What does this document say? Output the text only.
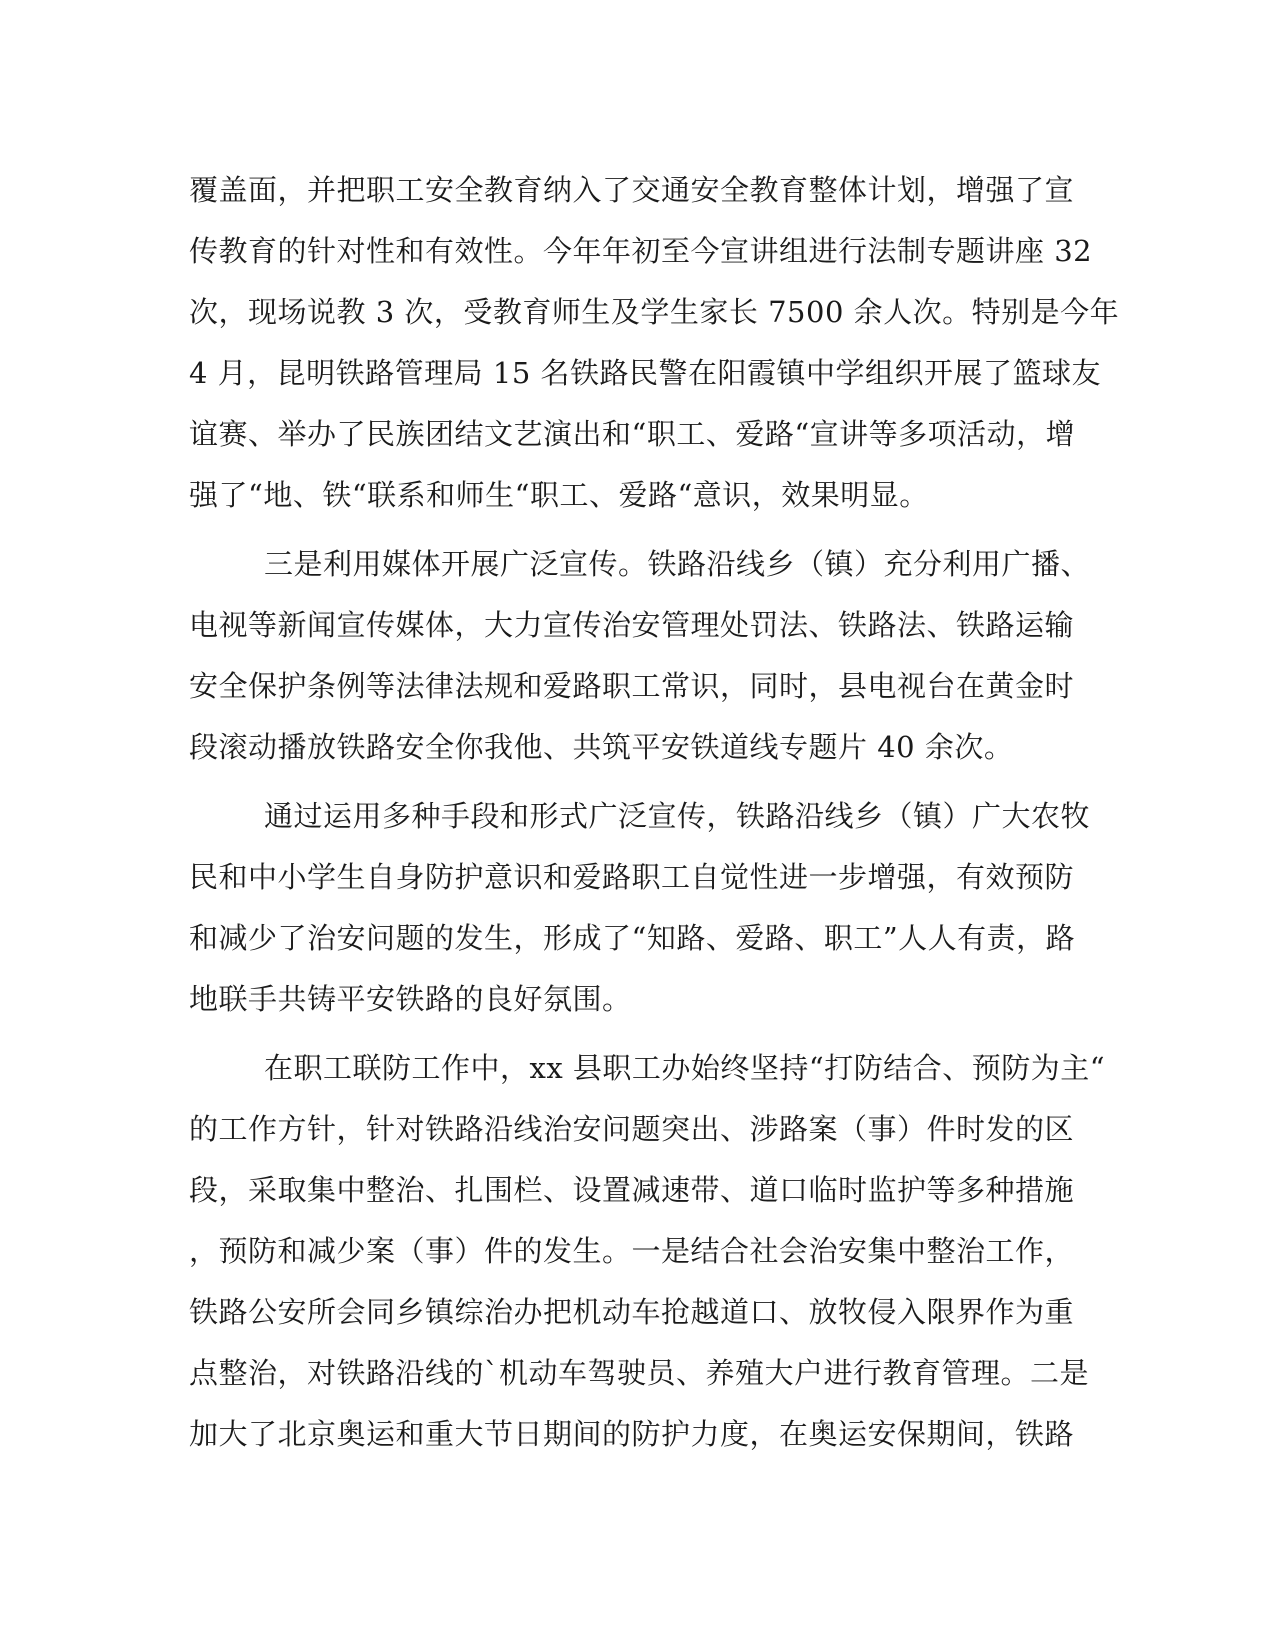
覆盖面，并把职工安全教育纳入了交通安全教育整体计划，增强了宣
传教育的针对性和有效性。今年年初至今宣讲组进行法制专题讲座 32
次，现场说教 3 次，受教育师生及学生家长 7500 余人次。特别是今年
4 月，昆明铁路管理局 15 名铁路民警在阳霞镇中学组织开展了篮球友
谊赛、举办了民族团结文艺演出和“职工、爱路“宣讲等多项活动，增
强了“地、铁“联系和师生“职工、爱路“意识，效果明显。
三是利用媒体开展广泛宣传。铁路沿线乡（镇）充分利用广播、
电视等新闻宣传媒体，大力宣传治安管理处罚法、铁路法、铁路运输
安全保护条例等法律法规和爱路职工常识，同时，县电视台在黄金时
段滚动播放铁路安全你我他、共筑平安铁道线专题片 40 余次。
通过运用多种手段和形式广泛宣传，铁路沿线乡（镇）广大农牧
民和中小学生自身防护意识和爱路职工自觉性进一步增强，有效预防
和减少了治安问题的发生，形成了“知路、爱路、职工”人人有责，路
地联手共铸平安铁路的良好氛围。
在职工联防工作中，xx 县职工办始终坚持“打防结合、预防为主“
的工作方针，针对铁路沿线治安问题突出、涉路案（事）件时发的区
段，采取集中整治、扎围栏、设置减速带、道口临时监护等多种措施
，预防和减少案（事）件的发生。一是结合社会治安集中整治工作，
铁路公安所会同乡镇综治办把机动车抢越道口、放牧侵入限界作为重
点整治，对铁路沿线的`机动车驾驶员、养殖大户进行教育管理。二是
加大了北京奥运和重大节日期间的防护力度，在奥运安保期间，铁路
